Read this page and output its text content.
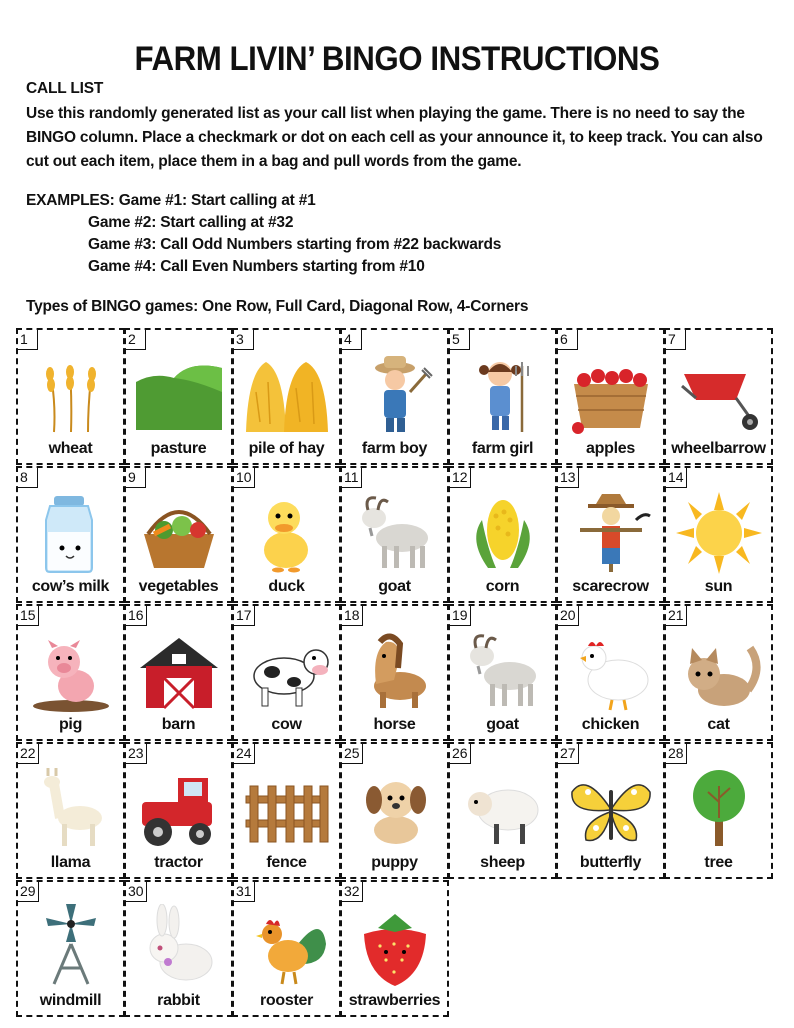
FARM LIVIN’ BINGO INSTRUCTIONS
CALL LIST
Use this randomly generated list as your call list when playing the game. There is no need to say the BINGO column. Place a checkmark or dot on each cell as your announce it, to keep track. You can also cut out each item, place them in a bag and pull words from the game.
EXAMPLES: Game #1: Start calling at #1
Game #2: Start calling at #32
Game #3: Call Odd Numbers starting from #22 backwards
Game #4: Call Even Numbers starting from #10
Types of BINGO games: One Row, Full Card, Diagonal Row, 4-Corners
1
wheat
2
pasture
3
pile of hay
4
farm boy
5
farm girl
6
apples
7
wheelbarrow
8
cow’s milk
9
vegetables
10
duck
11
goat
12
corn
13
scarecrow
14
sun
15
pig
16
barn
17
cow
18
horse
19
goat
20
chicken
21
cat
22
llama
23
tractor
24
fence
25
puppy
26
sheep
27
butterfly
28
tree
29
windmill
30
rabbit
31
rooster
32
strawberries
